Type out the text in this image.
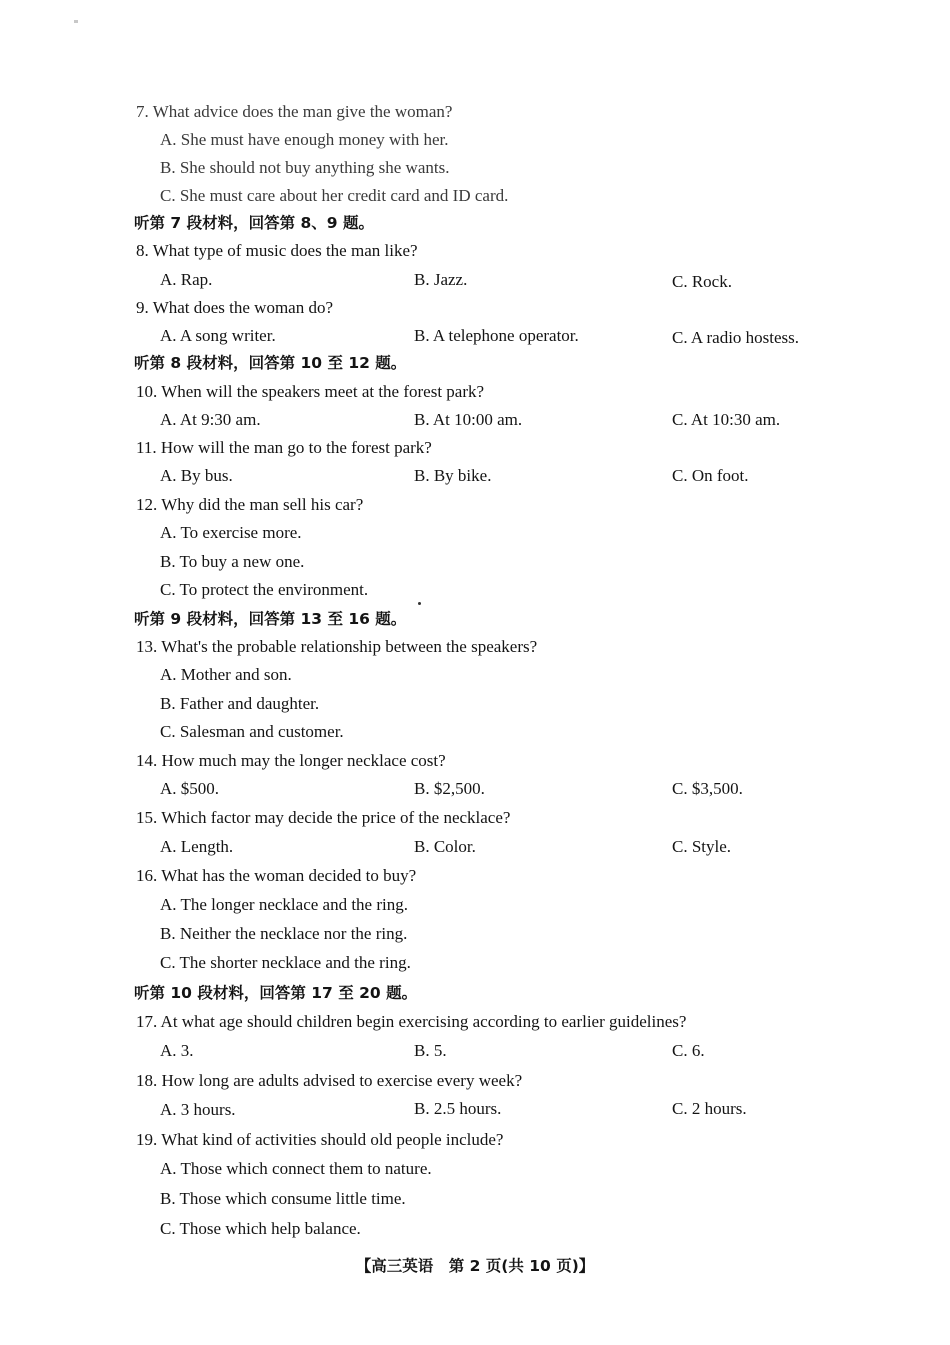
7. What advice does the man give the woman?
A. She must have enough money with her.
B. She should not buy anything she wants.
C. She must care about her credit card and ID card.
听第 7 段材料，回答第 8、9 题。
8. What type of music does the man like?
A. Rap.	B. Jazz.	C. Rock.
9. What does the woman do?
A. A song writer.	B. A telephone operator.	C. A radio hostess.
听第 8 段材料，回答第 10 至 12 题。
10. When will the speakers meet at the forest park?
A. At 9:30 am.	B. At 10:00 am.	C. At 10:30 am.
11. How will the man go to the forest park?
A. By bus.	B. By bike.	C. On foot.
12. Why did the man sell his car?
A. To exercise more.
B. To buy a new one.
C. To protect the environment.
听第 9 段材料，回答第 13 至 16 题。
13. What's the probable relationship between the speakers?
A. Mother and son.
B. Father and daughter.
C. Salesman and customer.
14. How much may the longer necklace cost?
A. $500.	B. $2,500.	C. $3,500.
15. Which factor may decide the price of the necklace?
A. Length.	B. Color.	C. Style.
16. What has the woman decided to buy?
A. The longer necklace and the ring.
B. Neither the necklace nor the ring.
C. The shorter necklace and the ring.
听第 10 段材料，回答第 17 至 20 题。
17. At what age should children begin exercising according to earlier guidelines?
A. 3.	B. 5.	C. 6.
18. How long are adults advised to exercise every week?
A. 3 hours.	B. 2.5 hours.	C. 2 hours.
19. What kind of activities should old people include?
A. Those which connect them to nature.
B. Those which consume little time.
C. Those which help balance.
【高三英语　第 2 页(共 10 页)】
